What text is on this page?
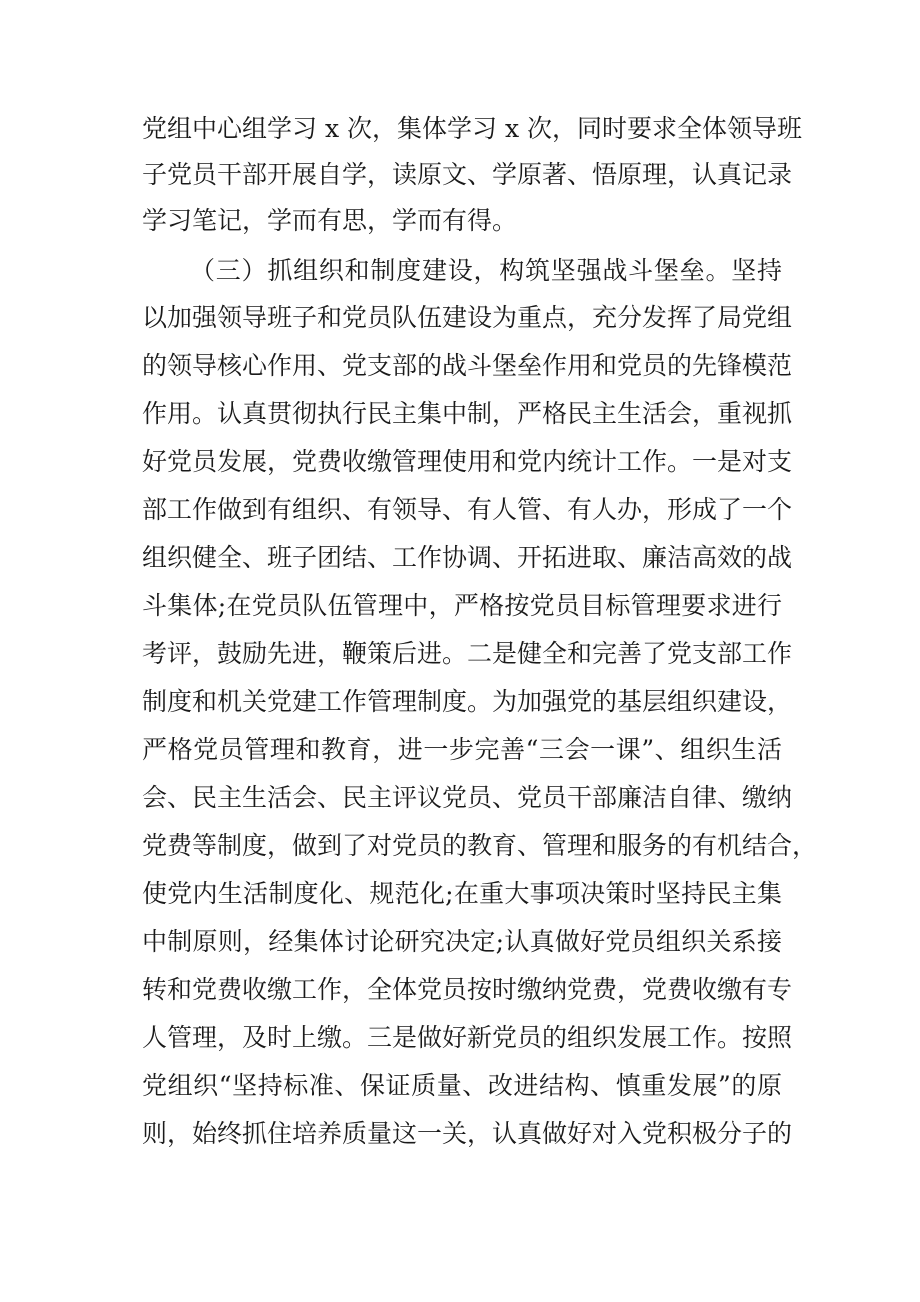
党组中心组学习 x 次，集体学习 x 次，同时要求全体领导班
子党员干部开展自学，读原文、学原著、悟原理，认真记录
学习笔记，学而有思，学而有得。
（三）抓组织和制度建设，构筑坚强战斗堡垒。坚持
以加强领导班子和党员队伍建设为重点，充分发挥了局党组
的领导核心作用、党支部的战斗堡垒作用和党员的先锋模范
作用。认真贯彻执行民主集中制，严格民主生活会，重视抓
好党员发展，党费收缴管理使用和党内统计工作。一是对支
部工作做到有组织、有领导、有人管、有人办，形成了一个
组织健全、班子团结、工作协调、开拓进取、廉洁高效的战
斗集体;在党员队伍管理中，严格按党员目标管理要求进行
考评，鼓励先进，鞭策后进。二是健全和完善了党支部工作
制度和机关党建工作管理制度。为加强党的基层组织建设，
严格党员管理和教育，进一步完善“三会一课”、组织生活
会、民主生活会、民主评议党员、党员干部廉洁自律、缴纳
党费等制度，做到了对党员的教育、管理和服务的有机结合，
使党内生活制度化、规范化;在重大事项决策时坚持民主集
中制原则，经集体讨论研究决定;认真做好党员组织关系接
转和党费收缴工作，全体党员按时缴纳党费，党费收缴有专
人管理，及时上缴。三是做好新党员的组织发展工作。按照
党组织“坚持标准、保证质量、改进结构、慎重发展”的原
则，始终抓住培养质量这一关，认真做好对入党积极分子的
